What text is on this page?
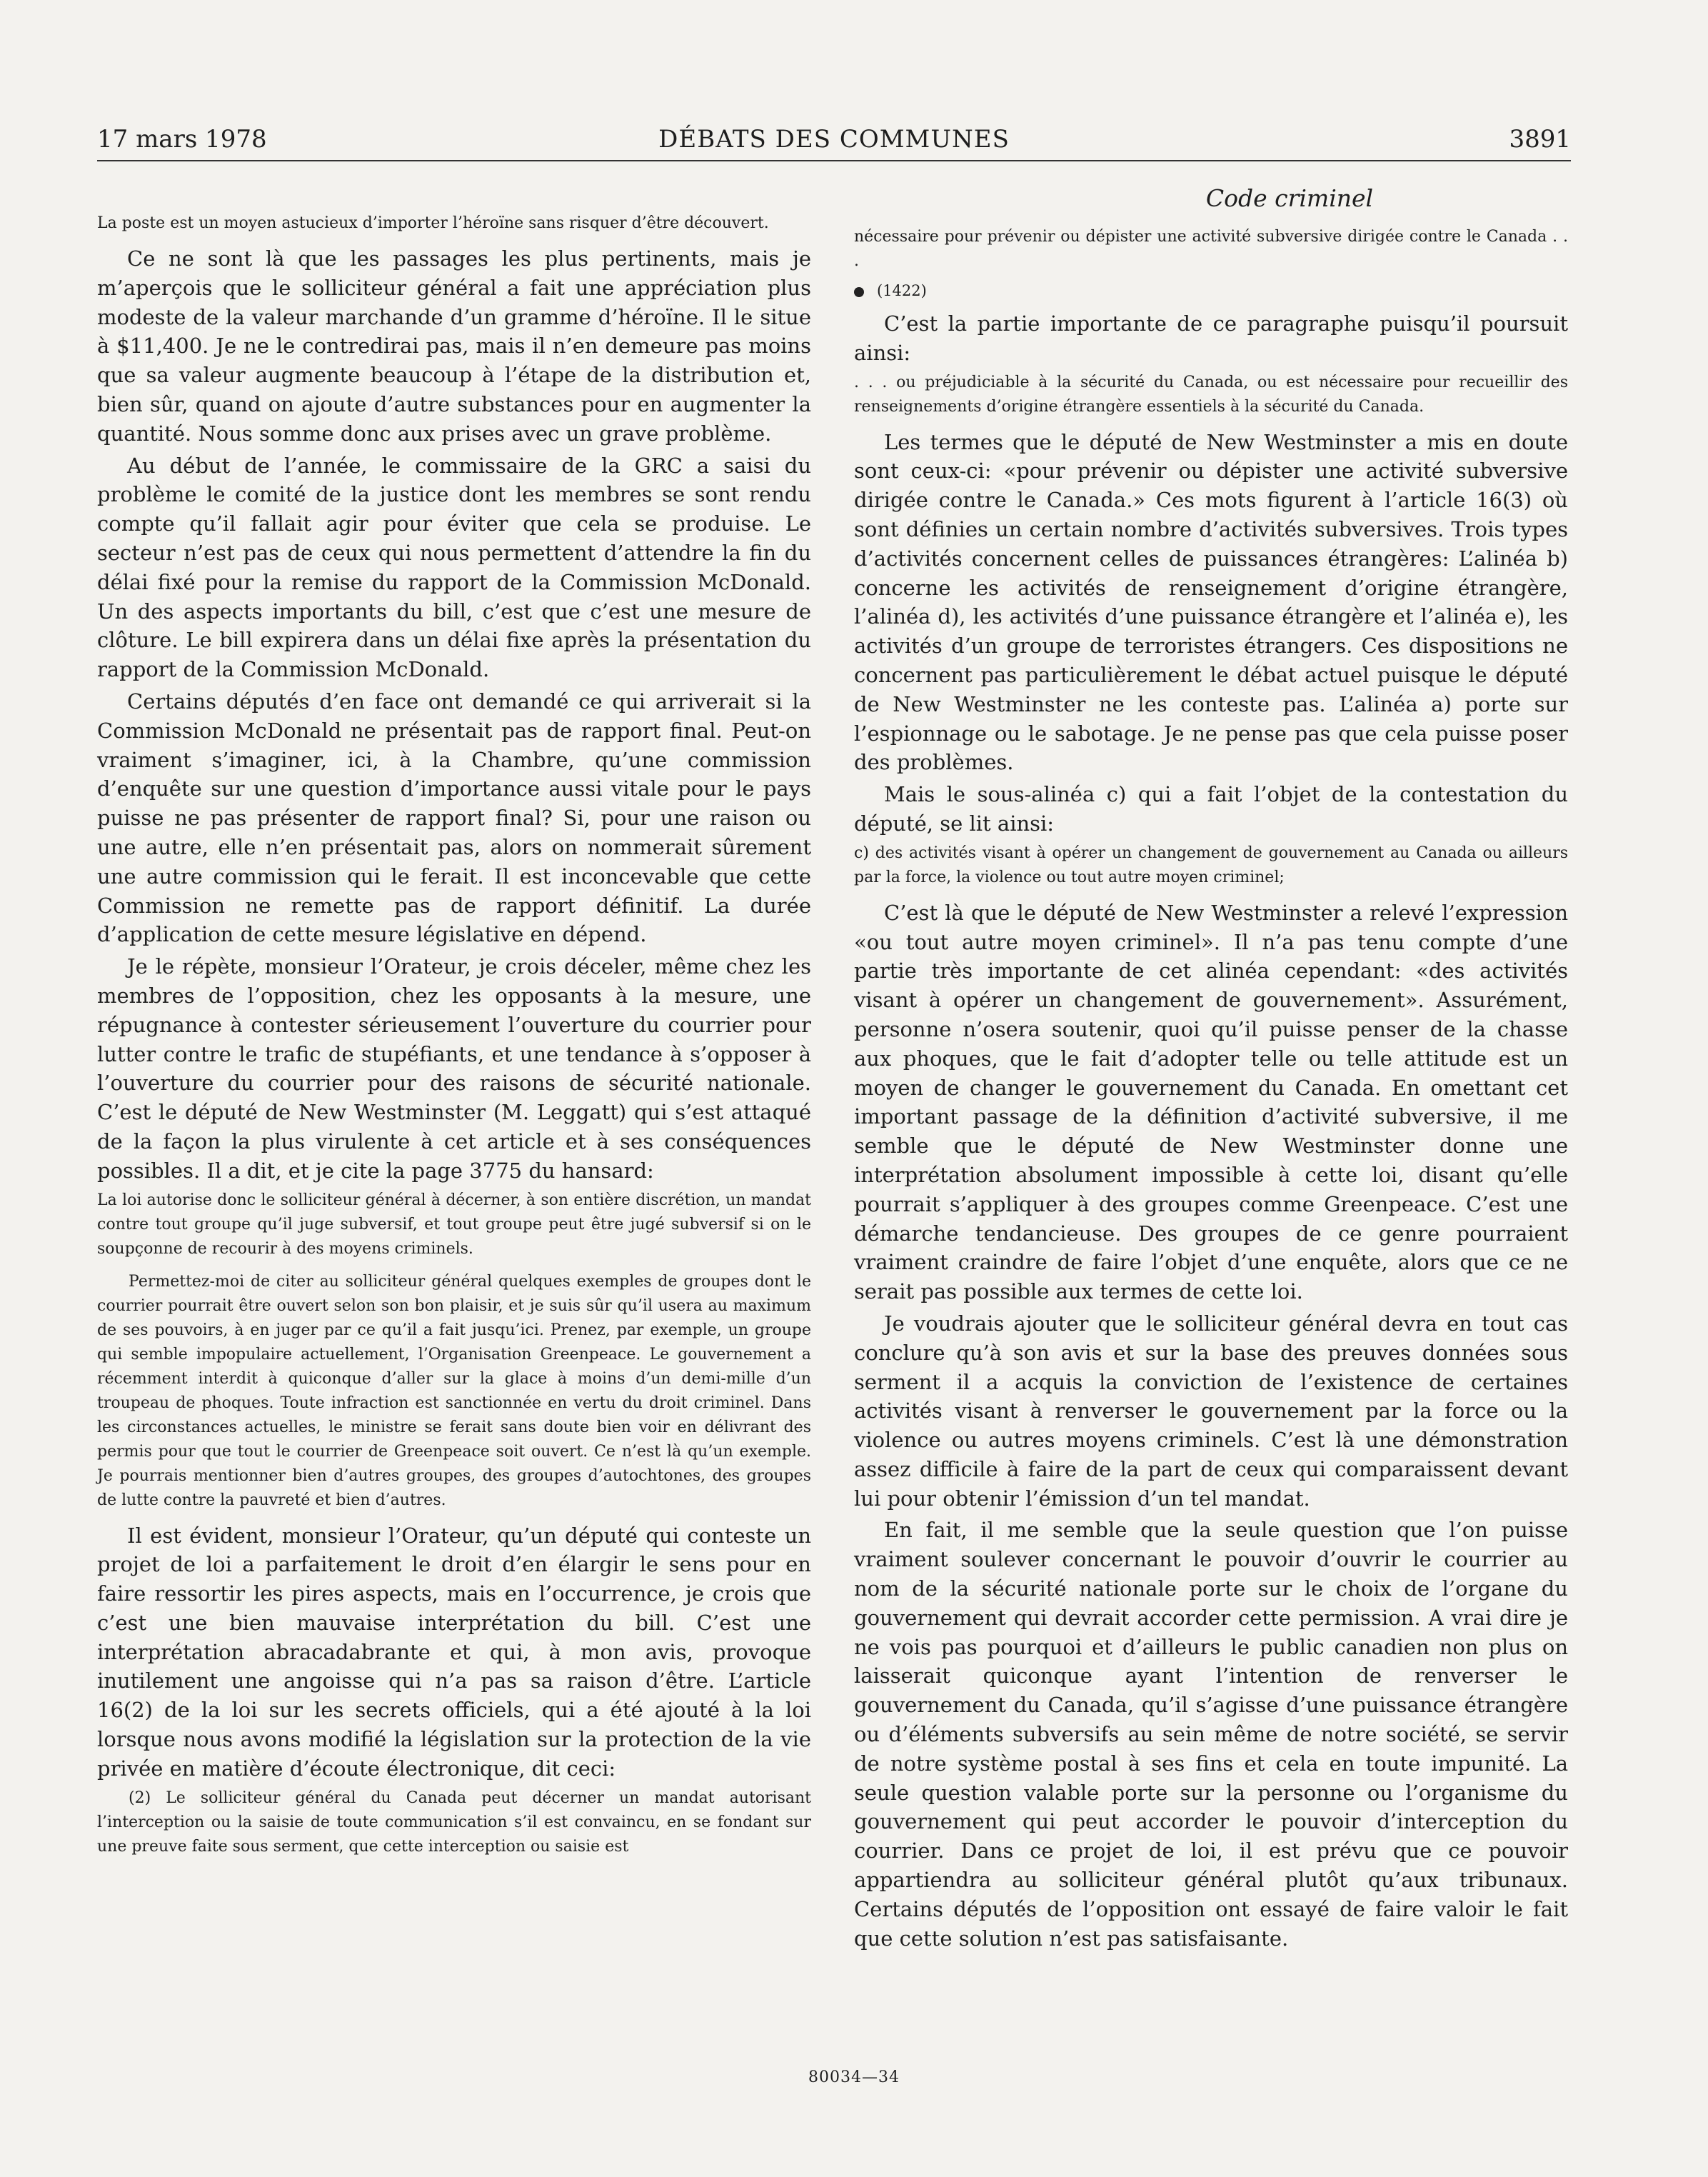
17 mars 1978	DÉBATS DES COMMUNES	3891

La poste est un moyen astucieux d’importer l’héroïne sans risquer d’être découvert.

Ce ne sont là que les passages les plus pertinents, mais je m’aperçois que le solliciteur général a fait une appréciation plus modeste de la valeur marchande d’un gramme d’héroïne. Il le situe à $11,400. Je ne le contredirai pas, mais il n’en demeure pas moins que sa valeur augmente beaucoup à l’étape de la distribution et, bien sûr, quand on ajoute d’autre substances pour en augmenter la quantité. Nous somme donc aux prises avec un grave problème.

Au début de l’année, le commissaire de la GRC a saisi du problème le comité de la justice dont les membres se sont rendu compte qu’il fallait agir pour éviter que cela se produise. Le secteur n’est pas de ceux qui nous permettent d’attendre la fin du délai fixé pour la remise du rapport de la Commission McDonald. Un des aspects importants du bill, c’est que c’est une mesure de clôture. Le bill expirera dans un délai fixe après la présentation du rapport de la Commission McDonald.

Certains députés d’en face ont demandé ce qui arriverait si la Commission McDonald ne présentait pas de rapport final. Peut-on vraiment s’imaginer, ici, à la Chambre, qu’une commission d’enquête sur une question d’importance aussi vitale pour le pays puisse ne pas présenter de rapport final? Si, pour une raison ou une autre, elle n’en présentait pas, alors on nommerait sûrement une autre commission qui le ferait. Il est inconcevable que cette Commission ne remette pas de rapport définitif. La durée d’application de cette mesure législative en dépend.

Je le répète, monsieur l’Orateur, je crois déceler, même chez les membres de l’opposition, chez les opposants à la mesure, une répugnance à contester sérieusement l’ouverture du courrier pour lutter contre le trafic de stupéfiants, et une tendance à s’opposer à l’ouverture du courrier pour des raisons de sécurité nationale. C’est le député de New Westminster (M. Leggatt) qui s’est attaqué de la façon la plus virulente à cet article et à ses conséquences possibles. Il a dit, et je cite la page 3775 du hansard:

La loi autorise donc le solliciteur général à décerner, à son entière discrétion, un mandat contre tout groupe qu’il juge subversif, et tout groupe peut être jugé subversif si on le soupçonne de recourir à des moyens criminels.

Permettez-moi de citer au solliciteur général quelques exemples de groupes dont le courrier pourrait être ouvert selon son bon plaisir, et je suis sûr qu’il usera au maximum de ses pouvoirs, à en juger par ce qu’il a fait jusqu’ici. Prenez, par exemple, un groupe qui semble impopulaire actuellement, l’Organisation Greenpeace. Le gouvernement a récemment interdit à quiconque d’aller sur la glace à moins d’un demi-mille d’un troupeau de phoques. Toute infraction est sanctionnée en vertu du droit criminel. Dans les circonstances actuelles, le ministre se ferait sans doute bien voir en délivrant des permis pour que tout le courrier de Greenpeace soit ouvert. Ce n’est là qu’un exemple. Je pourrais mentionner bien d’autres groupes, des groupes d’autochtones, des groupes de lutte contre la pauvreté et bien d’autres.

Il est évident, monsieur l’Orateur, qu’un député qui conteste un projet de loi a parfaitement le droit d’en élargir le sens pour en faire ressortir les pires aspects, mais en l’occurrence, je crois que c’est une bien mauvaise interprétation du bill. C’est une interprétation abracadabrante et qui, à mon avis, provoque inutilement une angoisse qui n’a pas sa raison d’être. L’article 16(2) de la loi sur les secrets officiels, qui a été ajouté à la loi lorsque nous avons modifié la législation sur la protection de la vie privée en matière d’écoute électronique, dit ceci:

(2) Le solliciteur général du Canada peut décerner un mandat autorisant l’interception ou la saisie de toute communication s’il est convaincu, en se fondant sur une preuve faite sous serment, que cette interception ou saisie est

Code criminel

nécessaire pour prévenir ou dépister une activité subversive dirigée contre le Canada . . .

(1422)

C’est la partie importante de ce paragraphe puisqu’il poursuit ainsi:

. . . ou préjudiciable à la sécurité du Canada, ou est nécessaire pour recueillir des renseignements d’origine étrangère essentiels à la sécurité du Canada.

Les termes que le député de New Westminster a mis en doute sont ceux-ci: «pour prévenir ou dépister une activité subversive dirigée contre le Canada.» Ces mots figurent à l’article 16(3) où sont définies un certain nombre d’activités subversives. Trois types d’activités concernent celles de puissances étrangères: L’alinéa b) concerne les activités de renseignement d’origine étrangère, l’alinéa d), les activités d’une puissance étrangère et l’alinéa e), les activités d’un groupe de terroristes étrangers. Ces dispositions ne concernent pas particulièrement le débat actuel puisque le député de New Westminster ne les conteste pas. L’alinéa a) porte sur l’espionnage ou le sabotage. Je ne pense pas que cela puisse poser des problèmes.

Mais le sous-alinéa c) qui a fait l’objet de la contestation du député, se lit ainsi:

c) des activités visant à opérer un changement de gouvernement au Canada ou ailleurs par la force, la violence ou tout autre moyen criminel;

C’est là que le député de New Westminster a relevé l’expression «ou tout autre moyen criminel». Il n’a pas tenu compte d’une partie très importante de cet alinéa cependant: «des activités visant à opérer un changement de gouvernement». Assurément, personne n’osera soutenir, quoi qu’il puisse penser de la chasse aux phoques, que le fait d’adopter telle ou telle attitude est un moyen de changer le gouvernement du Canada. En omettant cet important passage de la définition d’activité subversive, il me semble que le député de New Westminster donne une interprétation absolument impossible à cette loi, disant qu’elle pourrait s’appliquer à des groupes comme Greenpeace. C’est une démarche tendancieuse. Des groupes de ce genre pourraient vraiment craindre de faire l’objet d’une enquête, alors que ce ne serait pas possible aux termes de cette loi.

Je voudrais ajouter que le solliciteur général devra en tout cas conclure qu’à son avis et sur la base des preuves données sous serment il a acquis la conviction de l’existence de certaines activités visant à renverser le gouvernement par la force ou la violence ou autres moyens criminels. C’est là une démonstration assez difficile à faire de la part de ceux qui comparaissent devant lui pour obtenir l’émission d’un tel mandat.

En fait, il me semble que la seule question que l’on puisse vraiment soulever concernant le pouvoir d’ouvrir le courrier au nom de la sécurité nationale porte sur le choix de l’organe du gouvernement qui devrait accorder cette permission. A vrai dire je ne vois pas pourquoi et d’ailleurs le public canadien non plus on laisserait quiconque ayant l’intention de renverser le gouvernement du Canada, qu’il s’agisse d’une puissance étrangère ou d’éléments subversifs au sein même de notre société, se servir de notre système postal à ses fins et cela en toute impunité. La seule question valable porte sur la personne ou l’organisme du gouvernement qui peut accorder le pouvoir d’interception du courrier. Dans ce projet de loi, il est prévu que ce pouvoir appartiendra au solliciteur général plutôt qu’aux tribunaux. Certains députés de l’opposition ont essayé de faire valoir le fait que cette solution n’est pas satisfaisante.

80034—34
